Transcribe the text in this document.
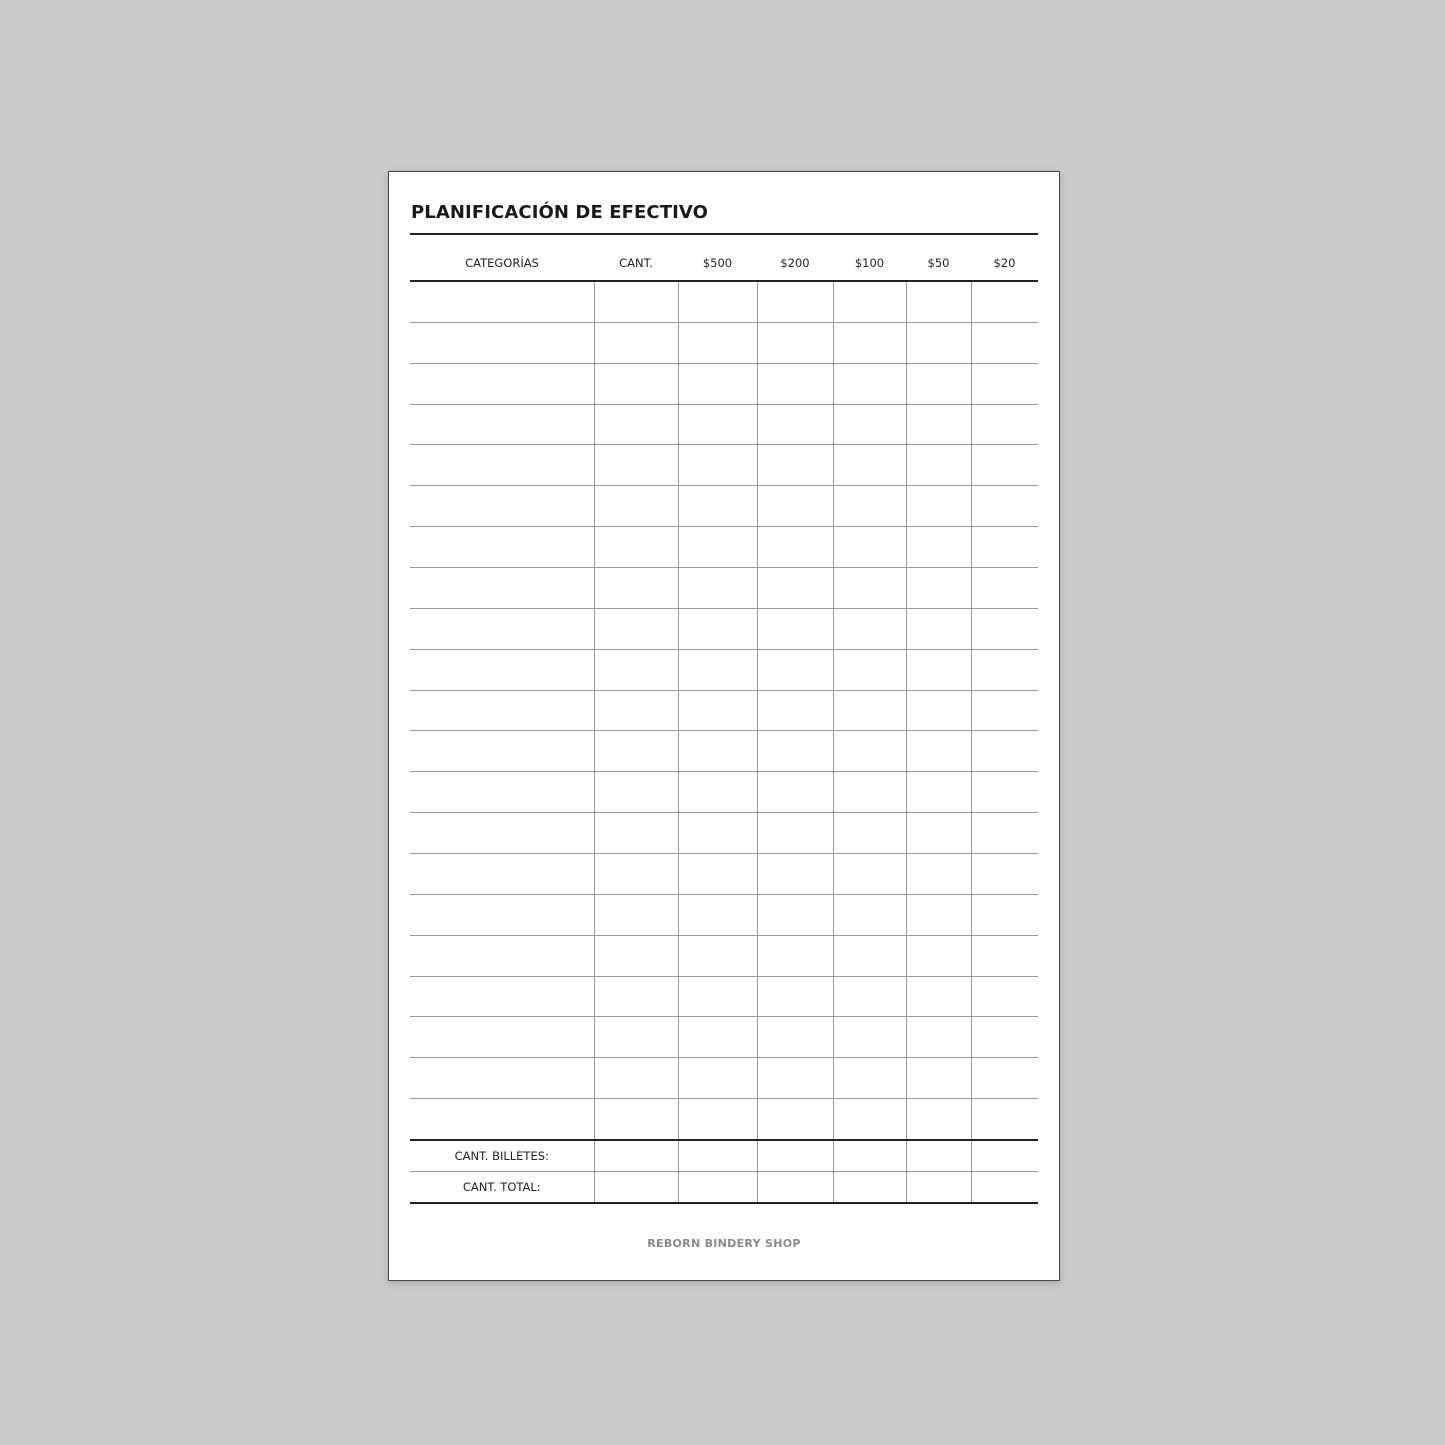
PLANIFICACIÓN DE EFECTIVO
CATEGORÍAS	CANT.	$500	$200	$100	$50	$20

CANT. BILLETES:						
CANT. TOTAL:						
REBORN BINDERY SHOP
